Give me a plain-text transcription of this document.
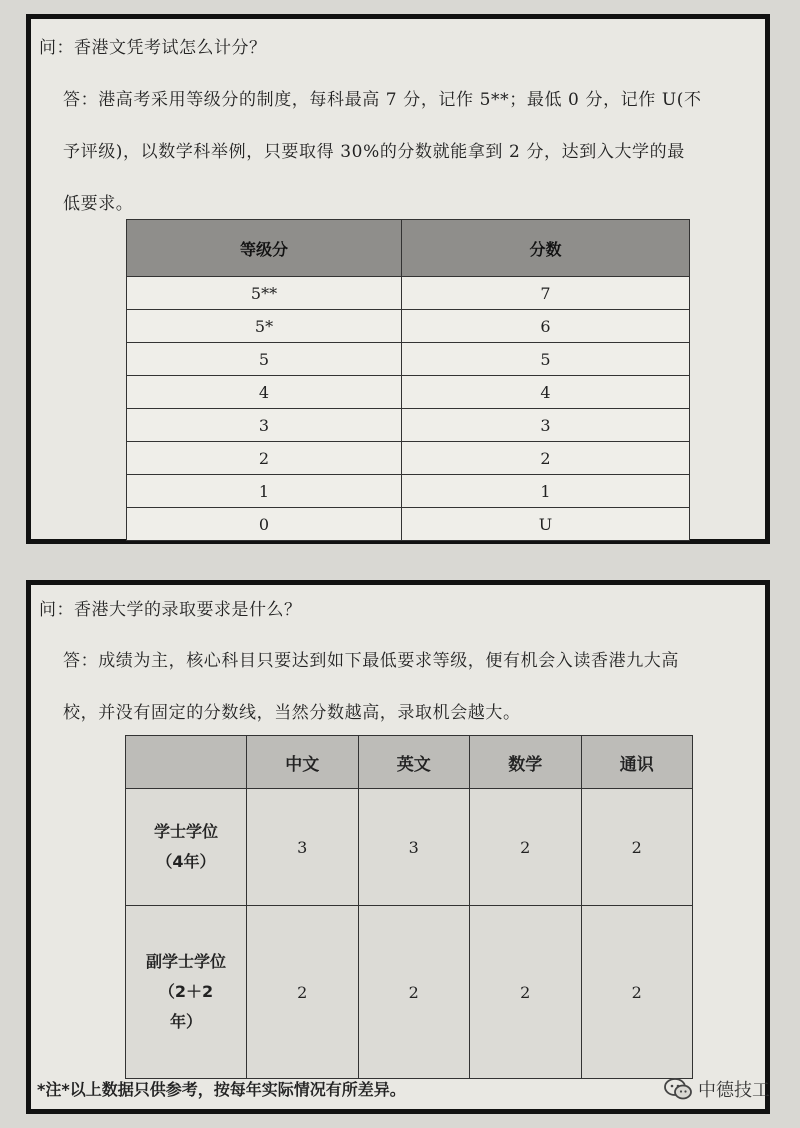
问：香港文凭考试怎么计分？
答：港高考采用等级分的制度，每科最高 7 分，记作 5**；最低 0 分，记作 U(不
予评级)，以数学科举例，只要取得 30%的分数就能拿到 2 分，达到入大学的最
低要求。
等级分	分数
5**	7
5*	6
5	5
4	4
3	3
2	2
1	1
0	U
问：香港大学的录取要求是什么？
答：成绩为主，核心科目只要达到如下最低要求等级，便有机会入读香港九大高
校，并没有固定的分数线，当然分数越高，录取机会越大。
	中文	英文	数学	通识

学士学位
（4年）	3	3	2	2

副学士学位
（2＋2
年）	2	2	2	2
*注*以上数据只供参考，按每年实际情况有所差异。	中德技工
